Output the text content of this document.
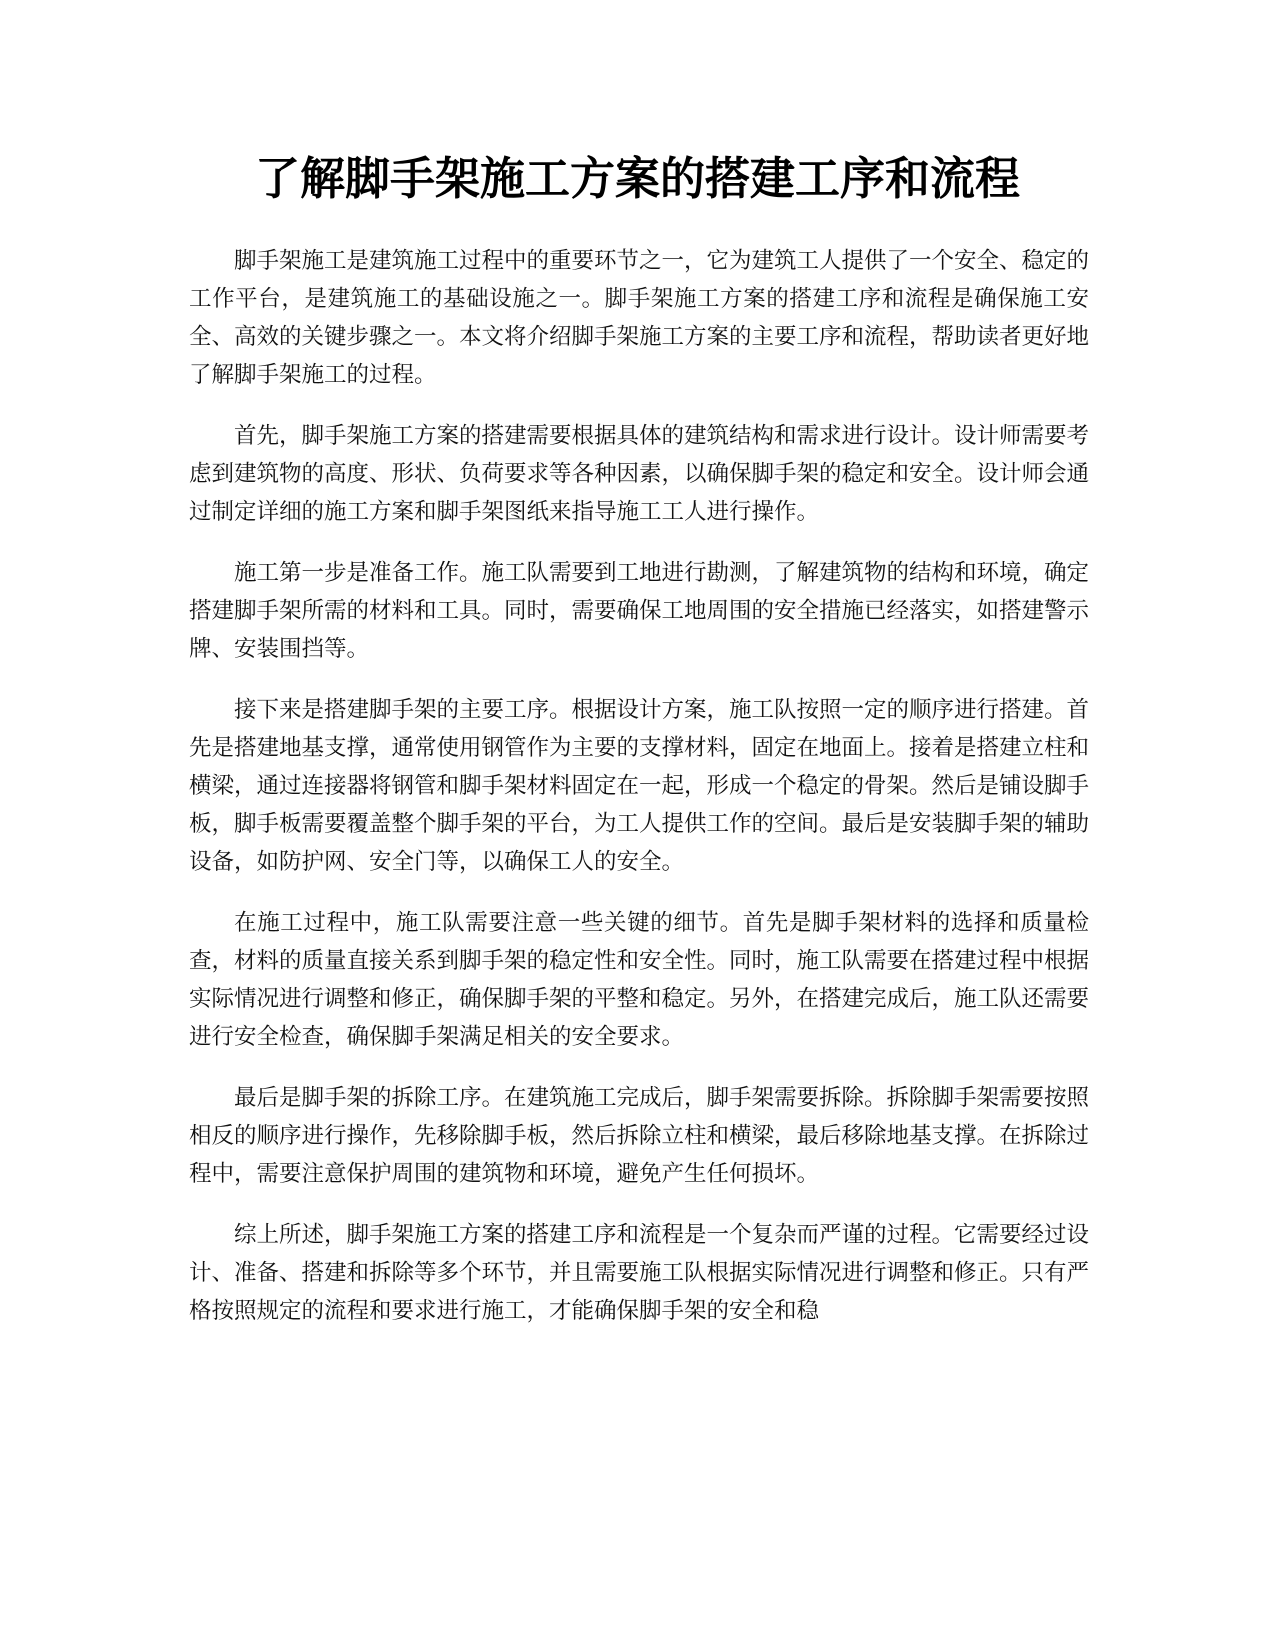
了解脚手架施工方案的搭建工序和流程

脚手架施工是建筑施工过程中的重要环节之一，它为建筑工人提供了一个安全、稳定的工作平台，是建筑施工的基础设施之一。脚手架施工方案的搭建工序和流程是确保施工安全、高效的关键步骤之一。本文将介绍脚手架施工方案的主要工序和流程，帮助读者更好地了解脚手架施工的过程。

首先，脚手架施工方案的搭建需要根据具体的建筑结构和需求进行设计。设计师需要考虑到建筑物的高度、形状、负荷要求等各种因素，以确保脚手架的稳定和安全。设计师会通过制定详细的施工方案和脚手架图纸来指导施工工人进行操作。

施工第一步是准备工作。施工队需要到工地进行勘测，了解建筑物的结构和环境，确定搭建脚手架所需的材料和工具。同时，需要确保工地周围的安全措施已经落实，如搭建警示牌、安装围挡等。

接下来是搭建脚手架的主要工序。根据设计方案，施工队按照一定的顺序进行搭建。首先是搭建地基支撑，通常使用钢管作为主要的支撑材料，固定在地面上。接着是搭建立柱和横梁，通过连接器将钢管和脚手架材料固定在一起，形成一个稳定的骨架。然后是铺设脚手板，脚手板需要覆盖整个脚手架的平台，为工人提供工作的空间。最后是安装脚手架的辅助设备，如防护网、安全门等，以确保工人的安全。

在施工过程中，施工队需要注意一些关键的细节。首先是脚手架材料的选择和质量检查，材料的质量直接关系到脚手架的稳定性和安全性。同时，施工队需要在搭建过程中根据实际情况进行调整和修正，确保脚手架的平整和稳定。另外，在搭建完成后，施工队还需要进行安全检查，确保脚手架满足相关的安全要求。

最后是脚手架的拆除工序。在建筑施工完成后，脚手架需要拆除。拆除脚手架需要按照相反的顺序进行操作，先移除脚手板，然后拆除立柱和横梁，最后移除地基支撑。在拆除过程中，需要注意保护周围的建筑物和环境，避免产生任何损坏。

综上所述，脚手架施工方案的搭建工序和流程是一个复杂而严谨的过程。它需要经过设计、准备、搭建和拆除等多个环节，并且需要施工队根据实际情况进行调整和修正。只有严格按照规定的流程和要求进行施工，才能确保脚手架的安全和稳
